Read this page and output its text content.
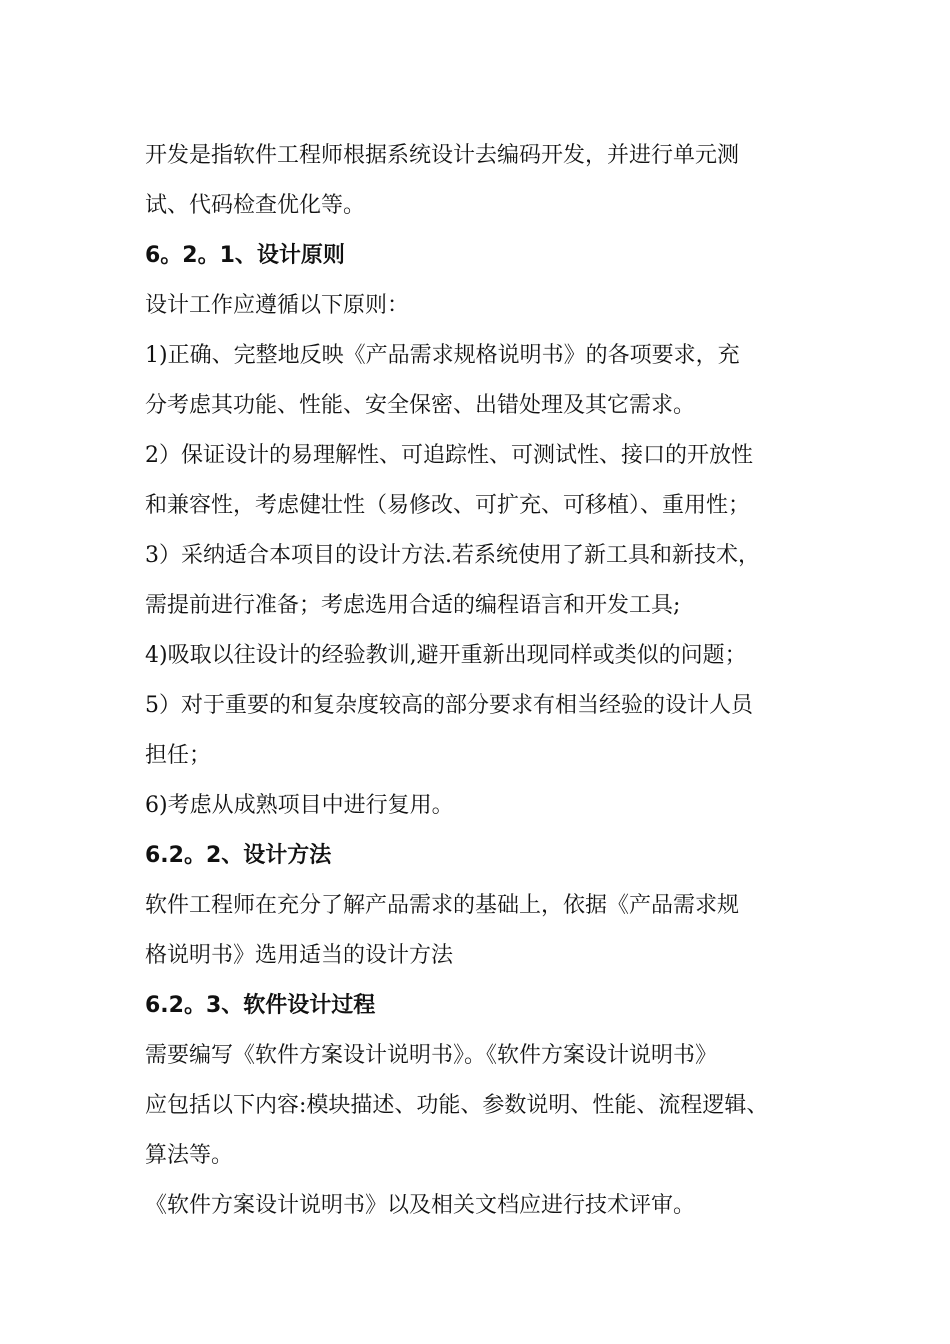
开发是指软件工程师根据系统设计去编码开发，并进行单元测
试、代码检查优化等。
6。2。1、设计原则
设计工作应遵循以下原则：
1)正确、完整地反映《产品需求规格说明书》的各项要求，充
分考虑其功能、性能、安全保密、出错处理及其它需求。
2）保证设计的易理解性、可追踪性、可测试性、接口的开放性
和兼容性，考虑健壮性（易修改、可扩充、可移植）、重用性；
3）采纳适合本项目的设计方法.若系统使用了新工具和新技术，
需提前进行准备；考虑选用合适的编程语言和开发工具;
4)吸取以往设计的经验教训,避开重新出现同样或类似的问题；
5）对于重要的和复杂度较高的部分要求有相当经验的设计人员
担任；
6)考虑从成熟项目中进行复用。
6.2。2、设计方法
软件工程师在充分了解产品需求的基础上，依据《产品需求规
格说明书》选用适当的设计方法
6.2。3、软件设计过程
需要编写《软件方案设计说明书》。《软件方案设计说明书》
应包括以下内容:模块描述、功能、参数说明、性能、流程逻辑、
算法等。
《软件方案设计说明书》以及相关文档应进行技术评审。
